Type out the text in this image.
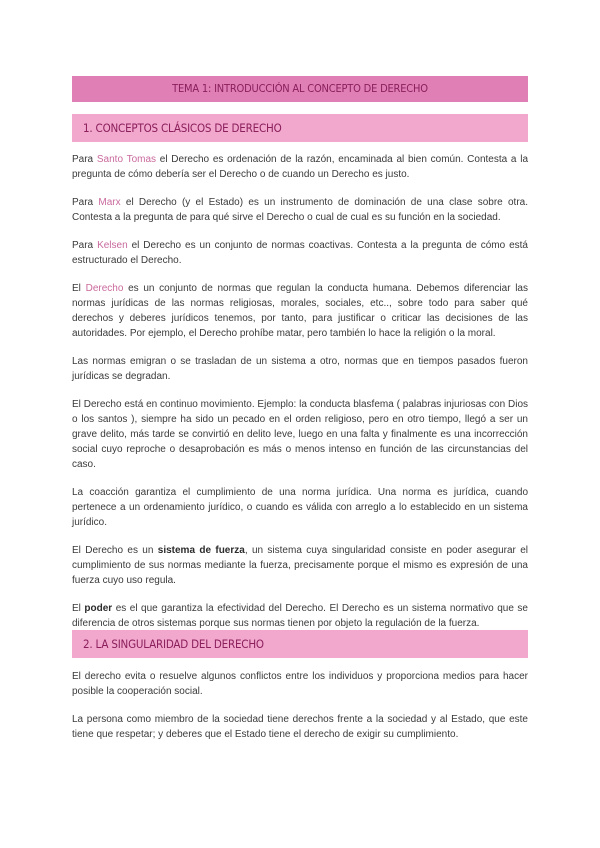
TEMA 1: INTRODUCCIÓN AL CONCEPTO DE DERECHO
1. CONCEPTOS CLÁSICOS DE DERECHO

Para Santo Tomas el Derecho es ordenación de la razón, encaminada al bien común. Contesta a la pregunta de cómo debería ser el Derecho o de cuando un Derecho es justo.

Para Marx el Derecho (y el Estado) es un instrumento de dominación de una clase sobre otra. Contesta a la pregunta de para qué sirve el Derecho o cual de cual es su función en la sociedad.

Para Kelsen el Derecho es un conjunto de normas coactivas. Contesta a la pregunta de cómo está estructurado el Derecho.

El Derecho es un conjunto de normas que regulan la conducta humana. Debemos diferenciar las normas jurídicas de las normas religiosas, morales, sociales, etc.., sobre todo para saber qué derechos y deberes jurídicos tenemos, por tanto, para justificar o criticar las decisiones de las autoridades. Por ejemplo, el Derecho prohíbe matar, pero también lo hace la religión o la moral.

Las normas emigran o se trasladan de un sistema a otro, normas que en tiempos pasados fueron jurídicas se degradan.

El Derecho está en continuo movimiento. Ejemplo: la conducta blasfema ( palabras injuriosas con Dios o los santos ), siempre ha sido un pecado en el orden religioso, pero en otro tiempo, llegó a ser un grave delito, más tarde se convirtió en delito leve, luego en una falta y finalmente es una incorrección social cuyo reproche o desaprobación es más o menos intenso en función de las circunstancias del caso.

La coacción garantiza el cumplimiento de una norma jurídica. Una norma es jurídica, cuando pertenece a un ordenamiento jurídico, o cuando es válida con arreglo a lo establecido en un sistema jurídico.

El Derecho es un sistema de fuerza, un sistema cuya singularidad consiste en poder asegurar el cumplimiento de sus normas mediante la fuerza, precisamente porque el mismo es expresión de una fuerza cuyo uso regula.

El poder es el que garantiza la efectividad del Derecho. El Derecho es un sistema normativo que se diferencia de otros sistemas porque sus normas tienen por objeto la regulación de la fuerza.

2. LA SINGULARIDAD DEL DERECHO

El derecho evita o resuelve algunos conflictos entre los individuos y proporciona medios para hacer posible la cooperación social.

La persona como miembro de la sociedad tiene derechos frente a la sociedad y al Estado, que este tiene que respetar; y deberes que el Estado tiene el derecho de exigir su cumplimiento.
